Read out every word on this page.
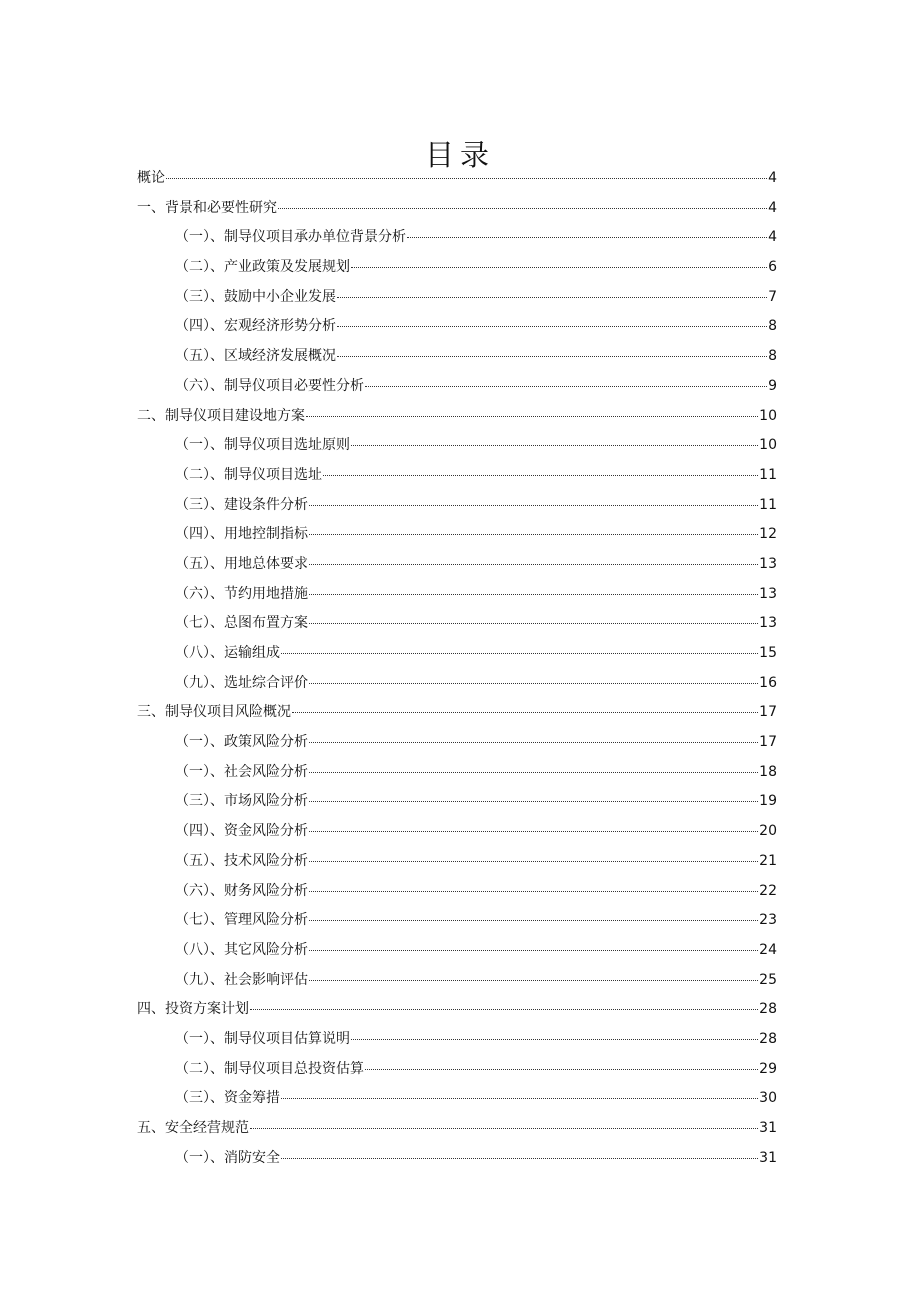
目录
概论	4
一、背景和必要性研究	4
（一）、制导仪项目承办单位背景分析	4
（二）、产业政策及发展规划	6
（三）、鼓励中小企业发展	7
（四）、宏观经济形势分析	8
（五）、区域经济发展概况	8
（六）、制导仪项目必要性分析	9
二、制导仪项目建设地方案	10
（一）、制导仪项目选址原则	10
（二）、制导仪项目选址	11
（三）、建设条件分析	11
（四）、用地控制指标	12
（五）、用地总体要求	13
（六）、节约用地措施	13
（七）、总图布置方案	13
（八）、运输组成	15
（九）、选址综合评价	16
三、制导仪项目风险概况	17
（一）、政策风险分析	17
（一）、社会风险分析	18
（三）、市场风险分析	19
（四）、资金风险分析	20
（五）、技术风险分析	21
（六）、财务风险分析	22
（七）、管理风险分析	23
（八）、其它风险分析	24
（九）、社会影响评估	25
四、投资方案计划	28
（一）、制导仪项目估算说明	28
（二）、制导仪项目总投资估算	29
（三）、资金筹措	30
五、安全经营规范	31
（一）、消防安全	31
